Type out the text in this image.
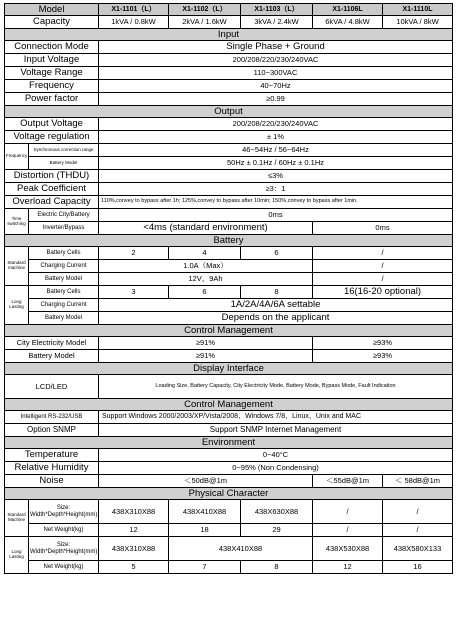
Model		X1-1101（L）	X1-1102（L）	X1-1103（L）	X1-1106L	X1-1110L
Capacity		1kVA / 0.8kW	2kVA / 1.6kW	3kVA / 2.4kW	6kVA / 4.8kW	10kVA / 8kW
Input						
Connection Mode		Single Phase + Ground				
Input Voltage		200/208/220/230/240VAC				
Voltage Range		110~300VAC				
Frequency		40~70Hz				
Power factor		≥0.99				
Output						
Output Voltage		200/208/220/230/240VAC				
Voltage regulation		± 1%				
Frequency	Synchronous correction range	46~54Hz / 56~64Hz				
	Battery Model	50Hz ± 0.1Hz / 60Hz ± 0.1Hz				
Distortion (THDU)		≤3%				
Peak Coefficient		≥3：1				
Overload Capacity		110%,convey to bypass after 1h; 125%,convey to bypass after 10min; 150%,convey to bypass after 1min.				
Time switching	Electric City/Battery	0ms				
	Inverter/Bypass	<4ms (standard environment)			0ms	
Battery						
Standard machine	Battery Cells	2	4	6	/	
	Charging Current	1.0A（Max）			/	
	Battery Model	12V、9Ah			/	
Long Lasting	Battery Cells	3	6	8	16(16-20 optional)	
	Charging Current	1A/2A/4A/6A settable				
	Battery Model	Depends on the applicant				
Control Management						
City Electricity Model		≥91%			≥93%	
Battery Model		≥91%			≥93%	
Display Interface						
LCD/LED		Loading Size, Battery Capacity, City Electricity Mode, Battery Mode, Bypass Mode, Fault Indication				
Control Management						
Intelligent RS-232/USB		Support Windows 2000/2003/XP/Vista/2008、Windows 7/8、Linux、Unix and MAC				
Option SNMP		Support SNMP Internet Management				
Environment						
Temperature		0~40°C				
Relative Humidity		0~95% (Non Condensing)				
Noise		＜50dB@1m			＜55dB@1m	＜ 58dB@1m
Physical Character						
Standard Machine	Size: Width*Depth*Height(mm)	438X310X88	438X410X88	438X630X88	/	/
	Net Weight(kg)	12	18	29	/	/
Long Lasting	Size: Width*Depth*Height(mm)	438X310X88	438X410X88		438X530X88	438X580X133
	Net Weight(kg)	5	7	8	12	16
